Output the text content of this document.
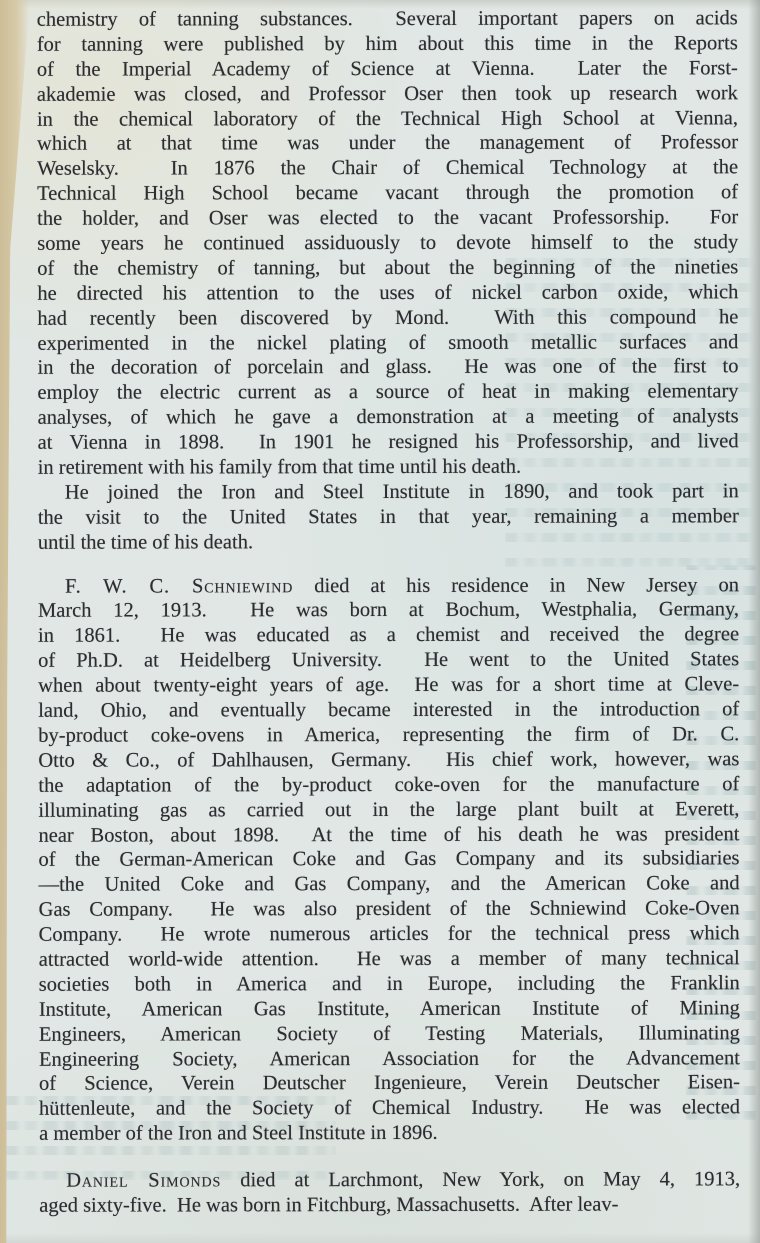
chemistry of tanning substances.  Several important papers on acids
for tanning were published by him about this time in the Reports
of the Imperial Academy of Science at Vienna.  Later the Forst-
akademie was closed, and Professor Oser then took up research work
in the chemical laboratory of the Technical High School at Vienna,
which at that time was under the management of Professor
Weselsky.  In 1876 the Chair of Chemical Technology at the
Technical High School became vacant through the promotion of
the holder, and Oser was elected to the vacant Professorship.  For
some years he continued assiduously to devote himself to the study
of the chemistry of tanning, but about the beginning of the nineties
he directed his attention to the uses of nickel carbon oxide, which
had recently been discovered by Mond.  With this compound he
experimented in the nickel plating of smooth metallic surfaces and
in the decoration of porcelain and glass.  He was one of the first to
employ the electric current as a source of heat in making elementary
analyses, of which he gave a demonstration at a meeting of analysts
at Vienna in 1898.  In 1901 he resigned his Professorship, and lived
in retirement with his family from that time until his death.
He joined the Iron and Steel Institute in 1890, and took part in
the visit to the United States in that year, remaining a member
until the time of his death.
F. W. C. Schniewind died at his residence in New Jersey on
March 12, 1913.  He was born at Bochum, Westphalia, Germany,
in 1861.  He was educated as a chemist and received the degree
of Ph.D. at Heidelberg University.  He went to the United States
when about twenty-eight years of age.  He was for a short time at Cleve-
land, Ohio, and eventually became interested in the introduction of
by-product coke-ovens in America, representing the firm of Dr. C.
Otto & Co., of Dahlhausen, Germany.  His chief work, however, was
the adaptation of the by-product coke-oven for the manufacture of
illuminating gas as carried out in the large plant built at Everett,
near Boston, about 1898.  At the time of his death he was president
of the German-American Coke and Gas Company and its subsidiaries
—the United Coke and Gas Company, and the American Coke and
Gas Company.  He was also president of the Schniewind Coke-Oven
Company.  He wrote numerous articles for the technical press which
attracted world-wide attention.  He was a member of many technical
societies both in America and in Europe, including the Franklin
Institute, American Gas Institute, American Institute of Mining
Engineers, American Society of Testing Materials, Illuminating
Engineering Society, American Association for the Advancement
of Science, Verein Deutscher Ingenieure, Verein Deutscher Eisen-
hüttenleute, and the Society of Chemical Industry.  He was elected
a member of the Iron and Steel Institute in 1896.
Daniel Simonds died at Larchmont, New York, on May 4, 1913,
aged sixty-five.  He was born in Fitchburg, Massachusetts.  After leav-
